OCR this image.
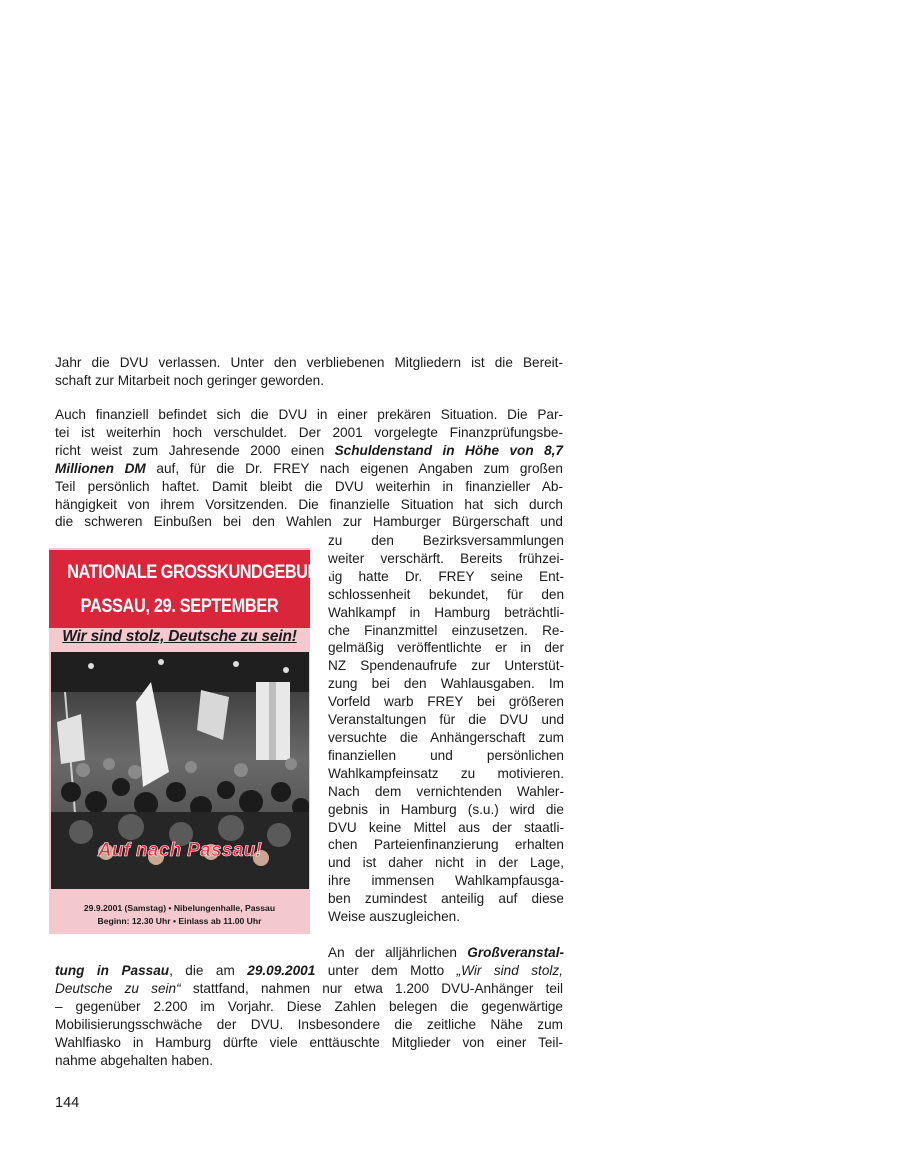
Jahr die DVU verlassen. Unter den verbliebenen Mitgliedern ist die Bereit-
schaft zur Mitarbeit noch geringer geworden.
Auch finanziell befindet sich die DVU in einer prekären Situation. Die Par-
tei ist weiterhin hoch verschuldet. Der 2001 vorgelegte Finanzprüfungsbe-
richt weist zum Jahresende 2000 einen Schuldenstand in Höhe von 8,7
Millionen DM auf, für die Dr. FREY nach eigenen Angaben zum großen
Teil persönlich haftet. Damit bleibt die DVU weiterhin in finanzieller Ab-
hängigkeit von ihrem Vorsitzenden. Die finanzielle Situation hat sich durch
die schweren Einbußen bei den Wahlen zur Hamburger Bürgerschaft und
zu den Bezirksversammlungen
weiter verschärft. Bereits frühzei-
tig hatte Dr. FREY seine Ent-
schlossenheit bekundet, für den
Wahlkampf in Hamburg beträchtli-
che Finanzmittel einzusetzen. Re-
gelmäßig veröffentlichte er in der
NZ Spendenaufrufe zur Unterstüt-
zung bei den Wahlausgaben. Im
Vorfeld warb FREY bei größeren
Veranstaltungen für die DVU und
versuchte die Anhängerschaft zum
finanziellen und persönlichen
Wahlkampfeinsatz zu motivieren.
Nach dem vernichtenden Wahler-
gebnis in Hamburg (s.u.) wird die
DVU keine Mittel aus der staatli-
chen Parteienfinanzierung erhalten
und ist daher nicht in der Lage,
ihre immensen Wahlkampfausga-
ben zumindest anteilig auf diese
Weise auszugleichen.
NATIONALE GROSSKUNDGEBUNG
PASSAU, 29. SEPTEMBER
Wir sind stolz, Deutsche zu sein!
Auf nach Passau!
29.9.2001 (Samstag) • Nibelungenhalle, Passau
Beginn: 12.30 Uhr • Einlass ab 11.00 Uhr
An der alljährlichen Großveranstal-
tung in Passau, die am 29.09.2001 unter dem Motto „Wir sind stolz,
Deutsche zu sein“ stattfand, nahmen nur etwa 1.200 DVU-Anhänger teil
– gegenüber 2.200 im Vorjahr. Diese Zahlen belegen die gegenwärtige
Mobilisierungsschwäche der DVU. Insbesondere die zeitliche Nähe zum
Wahlfiasko in Hamburg dürfte viele enttäuschte Mitglieder von einer Teil-
nahme abgehalten haben.
144
